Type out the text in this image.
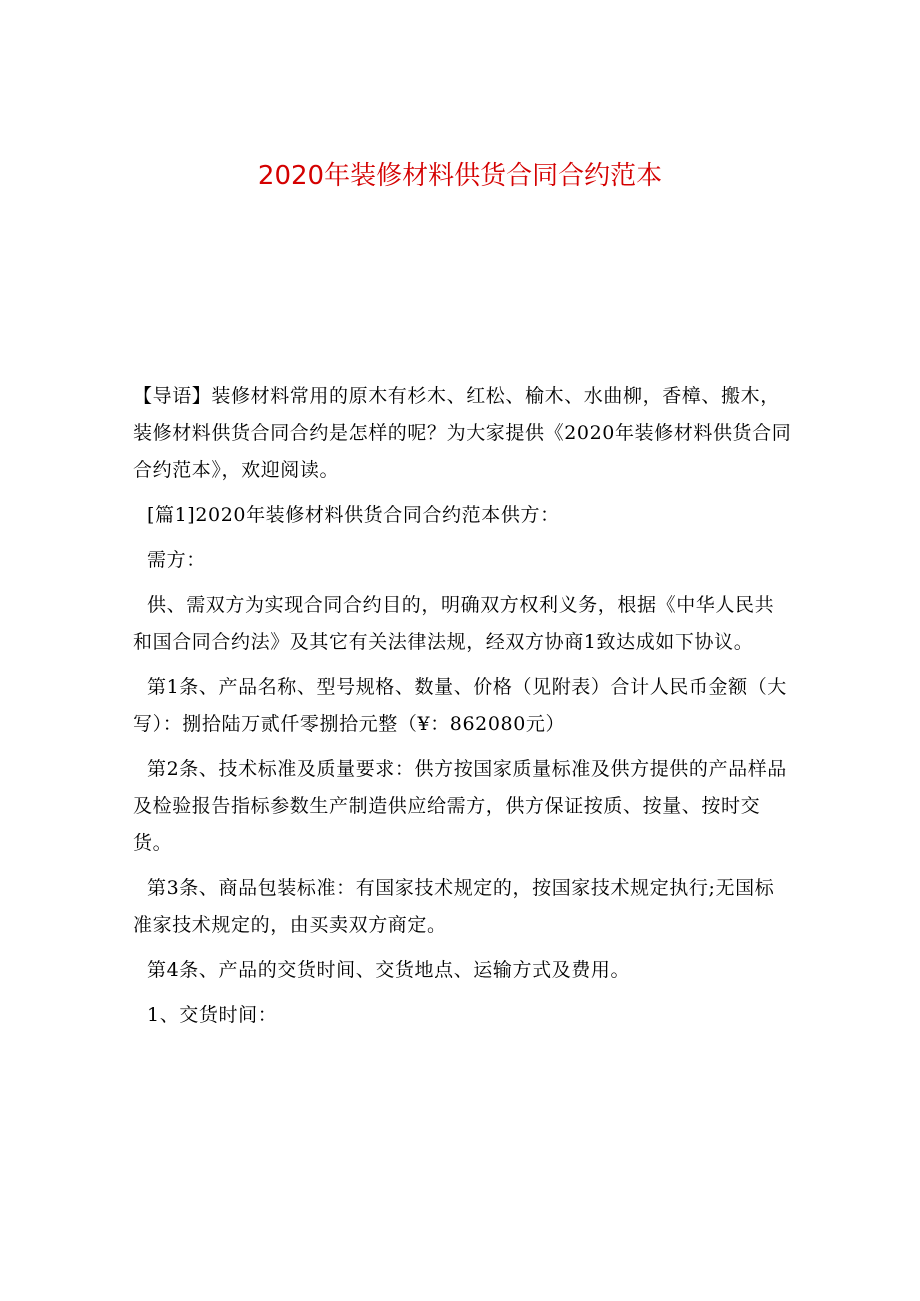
2020年装修材料供货合同合约范本

【导语】装修材料常用的原木有杉木、红松、榆木、水曲柳，香樟、搬木，装修材料供货合同合约是怎样的呢？为大家提供《2020年装修材料供货合同合约范本》，欢迎阅读。

[篇1]2020年装修材料供货合同合约范本供方：

需方：

供、需双方为实现合同合约目的，明确双方权利义务，根据《中华人民共和国合同合约法》及其它有关法律法规，经双方协商1致达成如下协议。

第1条、产品名称、型号规格、数量、价格（见附表）合计人民币金额（大写）：捌拾陆万贰仟零捌拾元整（¥：862080元）

第2条、技术标准及质量要求：供方按国家质量标准及供方提供的产品样品及检验报告指标参数生产制造供应给需方，供方保证按质、按量、按时交货。

第3条、商品包装标准：有国家技术规定的，按国家技术规定执行;无国标准家技术规定的，由买卖双方商定。

第4条、产品的交货时间、交货地点、运输方式及费用。

1、交货时间：
